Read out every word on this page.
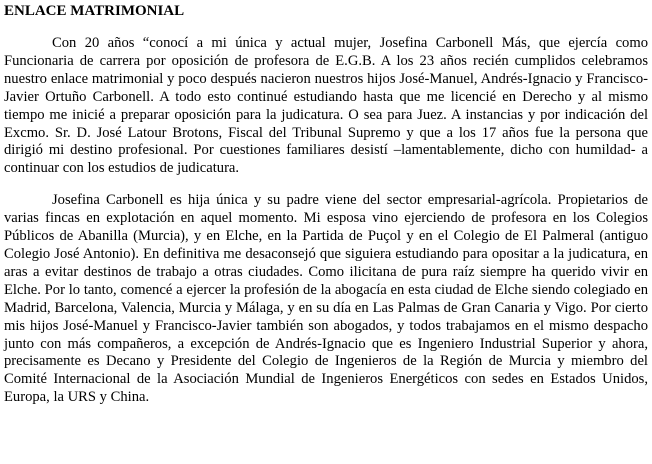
ENLACE MATRIMONIAL

Con 20 años “conocí a mi única y actual mujer, Josefina Carbonell Más, que ejercía como Funcionaria de carrera por oposición de profesora de E.G.B. A los 23 años recién cumplidos celebramos nuestro enlace matrimonial y poco después nacieron nuestros hijos José-Manuel, Andrés-Ignacio y Francisco-Javier Ortuño Carbonell. A todo esto continué estudiando hasta que me licencié en Derecho y al mismo tiempo me inicié a preparar oposición para la judicatura. O sea para Juez. A instancias y por indicación del Excmo. Sr. D. José Latour Brotons, Fiscal del Tribunal Supremo y que a los 17 años fue la persona que dirigió mi destino profesional. Por cuestiones familiares desistí –lamentablemente, dicho con humildad- a continuar con los estudios de judicatura.

Josefina Carbonell es hija única y su padre viene del sector empresarial-agrícola. Propietarios de varias fincas en explotación en aquel momento. Mi esposa vino ejerciendo de profesora en los Colegios Públicos de Abanilla (Murcia), y en Elche, en la Partida de Puçol y en el Colegio de El Palmeral (antiguo Colegio José Antonio). En definitiva me desaconsejó que siguiera estudiando para opositar a la judicatura, en aras a evitar destinos de trabajo a otras ciudades. Como ilicitana de pura raíz siempre ha querido vivir en Elche. Por lo tanto, comencé a ejercer la profesión de la abogacía en esta ciudad de Elche siendo colegiado en Madrid, Barcelona, Valencia, Murcia y Málaga, y en su día en Las Palmas de Gran Canaria y Vigo. Por cierto mis hijos José-Manuel y Francisco-Javier también son abogados, y todos trabajamos en el mismo despacho junto con más compañeros, a excepción de Andrés-Ignacio que es Ingeniero Industrial Superior y ahora, precisamente es Decano y Presidente del Colegio de Ingenieros de la Región de Murcia y miembro del Comité Internacional de la Asociación Mundial de Ingenieros Energéticos con sedes en Estados Unidos, Europa, la URS y China.
